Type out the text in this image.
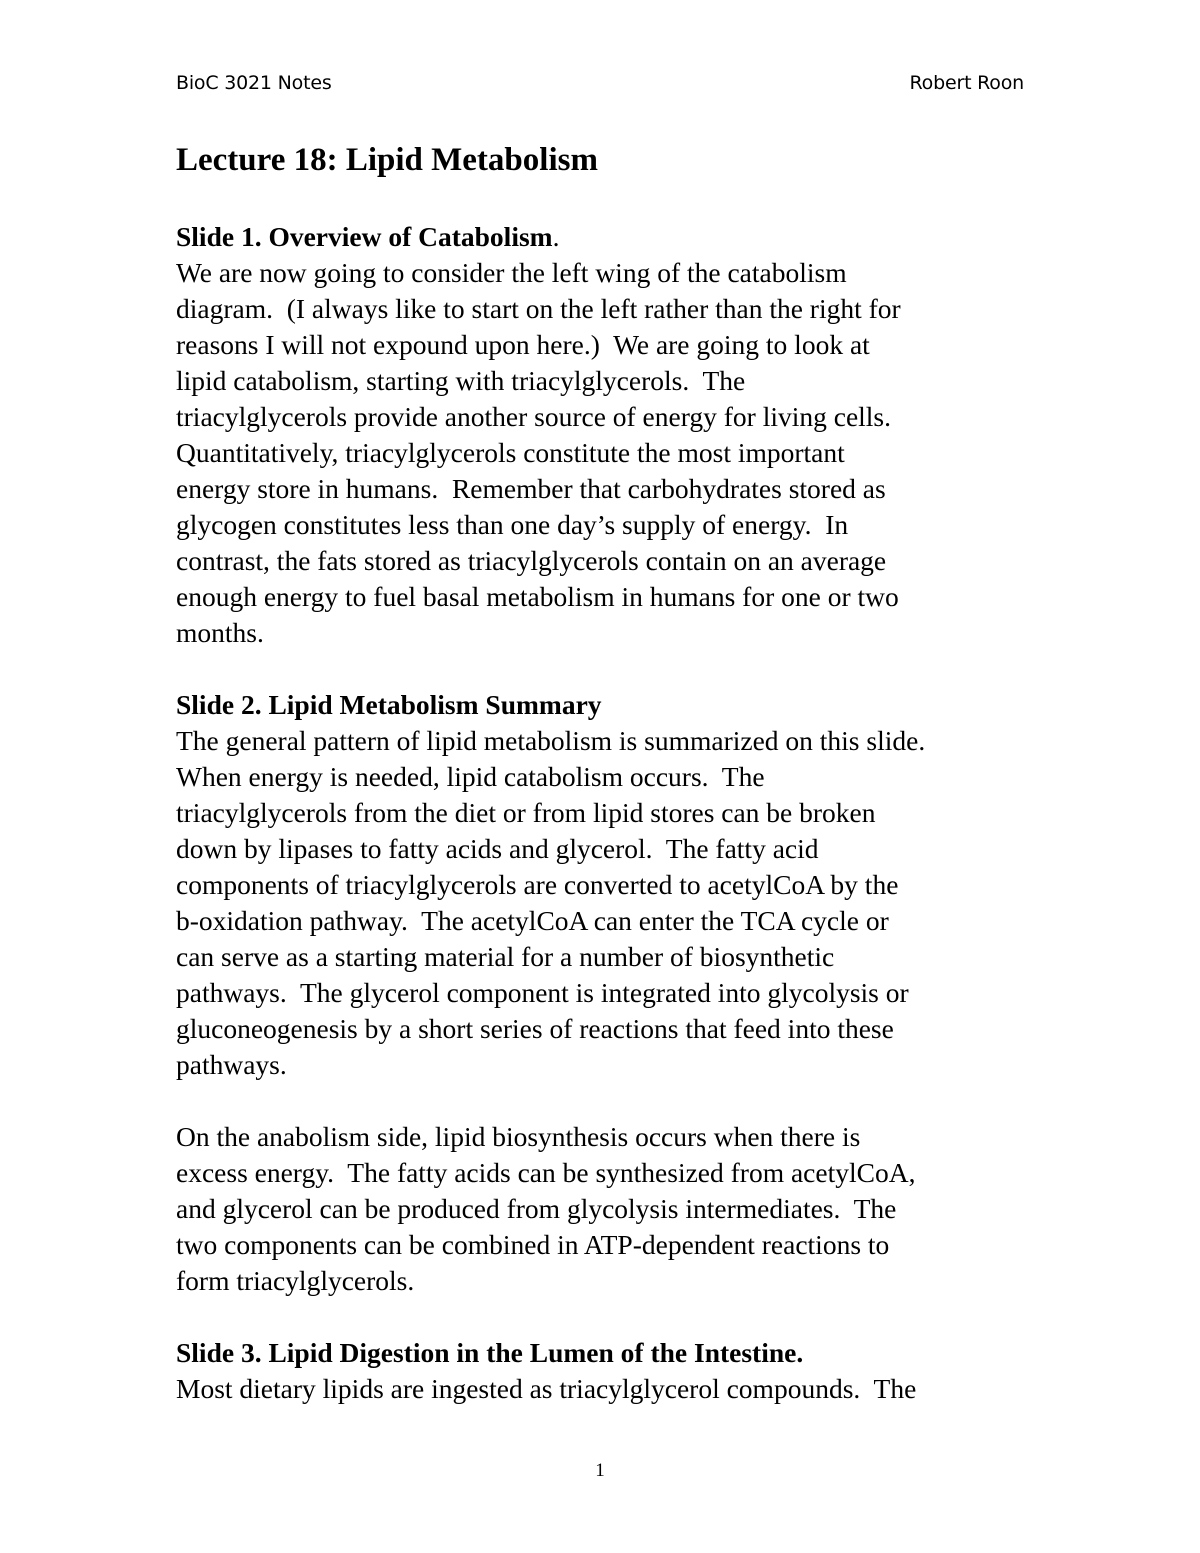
BioC 3021 Notes	Robert Roon
Lecture 18: Lipid Metabolism
Slide 1. Overview of Catabolism.
We are now going to consider the left wing of the catabolism
diagram.  (I always like to start on the left rather than the right for
reasons I will not expound upon here.)  We are going to look at
lipid catabolism, starting with triacylglycerols.  The
triacylglycerols provide another source of energy for living cells.
Quantitatively, triacylglycerols constitute the most important
energy store in humans.  Remember that carbohydrates stored as
glycogen constitutes less than one day’s supply of energy.  In
contrast, the fats stored as triacylglycerols contain on an average
enough energy to fuel basal metabolism in humans for one or two
months.
Slide 2. Lipid Metabolism Summary
The general pattern of lipid metabolism is summarized on this slide.
When energy is needed, lipid catabolism occurs.  The
triacylglycerols from the diet or from lipid stores can be broken
down by lipases to fatty acids and glycerol.  The fatty acid
components of triacylglycerols are converted to acetylCoA by the
b-oxidation pathway.  The acetylCoA can enter the TCA cycle or
can serve as a starting material for a number of biosynthetic
pathways.  The glycerol component is integrated into glycolysis or
gluconeogenesis by a short series of reactions that feed into these
pathways.
On the anabolism side, lipid biosynthesis occurs when there is
excess energy.  The fatty acids can be synthesized from acetylCoA,
and glycerol can be produced from glycolysis intermediates.  The
two components can be combined in ATP-dependent reactions to
form triacylglycerols.
Slide 3. Lipid Digestion in the Lumen of the Intestine.
Most dietary lipids are ingested as triacylglycerol compounds.  The
1
